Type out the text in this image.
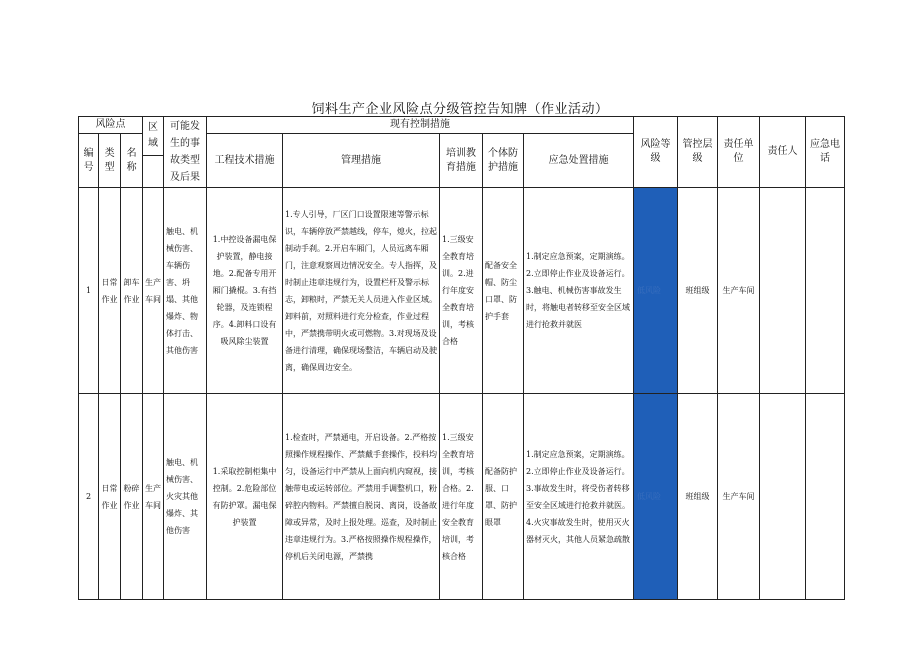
饲料生产企业风险点分级管控告知牌（作业活动）
风险点			区域	可能发生的事故类型及后果	现有控制措施					风险等级	管控层级	责任单位	责任人	应急电话
编号	类型	名称			工程技术措施	管理措施	培训教育措施	个体防护措施	应急处置措施					

1	日常作业	卸车作业	生产车间	触电、机械伤害、车辆伤害、坍塌、其他爆炸、物体打击、其他伤害	1.中控设备漏电保护装置，静电接地。2.配备专用开厢门撬棍。3.有挡轮器，及连锁程序。4.卸料口设有吸风除尘装置	1.专人引导，厂区门口设置限速等警示标识，车辆停放严禁越线，停车，熄火，拉起制动手刹。2.开启车厢门，人员远离车厢门，注意观察周边情况安全。专人指挥，及时制止违章违规行为，设置栏杆及警示标志，卸粮时，严禁无关人员进入作业区域。卸料前，对照料进行充分检查，作业过程中，严禁携带明火或可燃物。3.对现场及设备进行清理，确保现场整洁，车辆启动及驶离，确保周边安全。	1.三级安全教育培训。2.进行年度安全教育培训，考核合格	配备安全帽、防尘口罩、防护手套	1.制定应急预案，定期演练。2.立即停止作业及设备运行。3.触电、机械伤害事故发生时，将触电者转移至安全区域进行抢救并就医	低风险	班组级	生产车间		
2	日常作业	粉碎作业	生产车间	触电、机械伤害、火灾其他爆炸、其他伤害	1.采取控制柜集中控制。2.危险部位有防护罩。漏电保护装置	1.检查时，严禁通电，开启设备。2.严格按照操作规程操作、严禁戴手套操作，投料均匀，设备运行中严禁从上面向机内窥视，接触带电或运转部位。严禁用手调整机口，粉碎腔内物料。严禁擅自脱岗、离岗，设备故障或异常，及时上报处理。巡查，及时制止违章违规行为。3.严格按照操作规程操作，停机后关闭电源，严禁携	1.三级安全教育培训，考核合格。2.进行年度安全教育培训，考核合格	配备防护服、口罩、防护眼罩	1.制定应急预案，定期演练。2.立即停止作业及设备运行。3.事故发生时，将受伤者转移至安全区域进行抢救并就医。4.火灾事故发生时，使用灭火器材灭火，其他人员紧急疏散	低风险	班组级	生产车间		
